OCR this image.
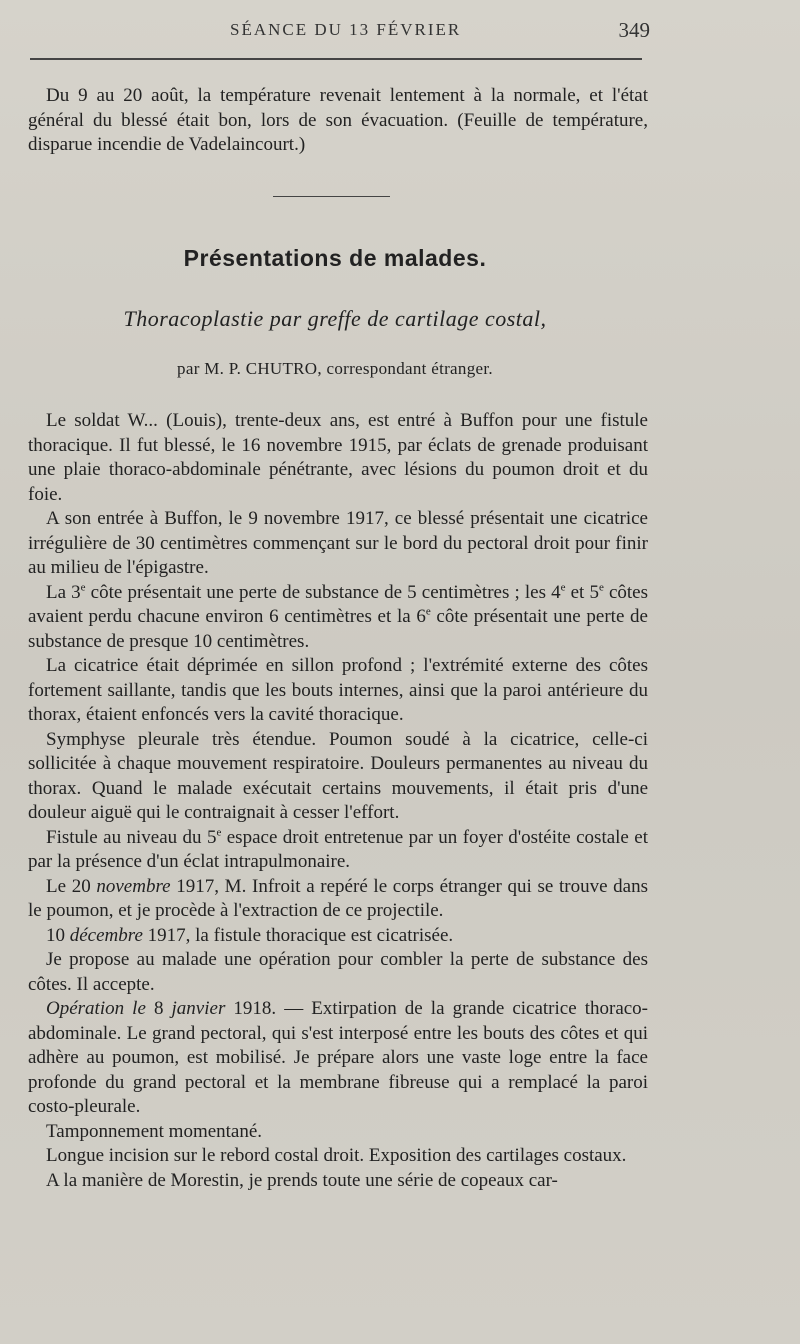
SÉANCE DU 13 FÉVRIER	349

Du 9 au 20 août, la température revenait lentement à la normale, et l'état général du blessé était bon, lors de son évacuation. (Feuille de température, disparue incendie de Vadelaincourt.)

Présentations de malades.
Thoracoplastie par greffe de cartilage costal,
par M. P. CHUTRO, correspondant étranger.

Le soldat W... (Louis), trente-deux ans, est entré à Buffon pour une fistule thoracique. Il fut blessé, le 16 novembre 1915, par éclats de grenade produisant une plaie thoraco-abdominale pénétrante, avec lésions du poumon droit et du foie.

A son entrée à Buffon, le 9 novembre 1917, ce blessé présentait une cicatrice irrégulière de 30 centimètres commençant sur le bord du pectoral droit pour finir au milieu de l'épigastre.

La 3e côte présentait une perte de substance de 5 centimètres ; les 4e et 5e côtes avaient perdu chacune environ 6 centimètres et la 6e côte présentait une perte de substance de presque 10 centimètres.

La cicatrice était déprimée en sillon profond ; l'extrémité externe des côtes fortement saillante, tandis que les bouts internes, ainsi que la paroi antérieure du thorax, étaient enfoncés vers la cavité thoracique.

Symphyse pleurale très étendue. Poumon soudé à la cicatrice, celle-ci sollicitée à chaque mouvement respiratoire. Douleurs permanentes au niveau du thorax. Quand le malade exécutait certains mouvements, il était pris d'une douleur aiguë qui le contraignait à cesser l'effort.

Fistule au niveau du 5e espace droit entretenue par un foyer d'ostéite costale et par la présence d'un éclat intrapulmonaire.

Le 20 novembre 1917, M. Infroit a repéré le corps étranger qui se trouve dans le poumon, et je procède à l'extraction de ce projectile.

10 décembre 1917, la fistule thoracique est cicatrisée.

Je propose au malade une opération pour combler la perte de substance des côtes. Il accepte.

Opération le 8 janvier 1918. — Extirpation de la grande cicatrice thoraco-abdominale. Le grand pectoral, qui s'est interposé entre les bouts des côtes et qui adhère au poumon, est mobilisé. Je prépare alors une vaste loge entre la face profonde du grand pectoral et la membrane fibreuse qui a remplacé la paroi costo-pleurale.

Tamponnement momentané.

Longue incision sur le rebord costal droit. Exposition des cartilages costaux.

A la manière de Morestin, je prends toute une série de copeaux car-
